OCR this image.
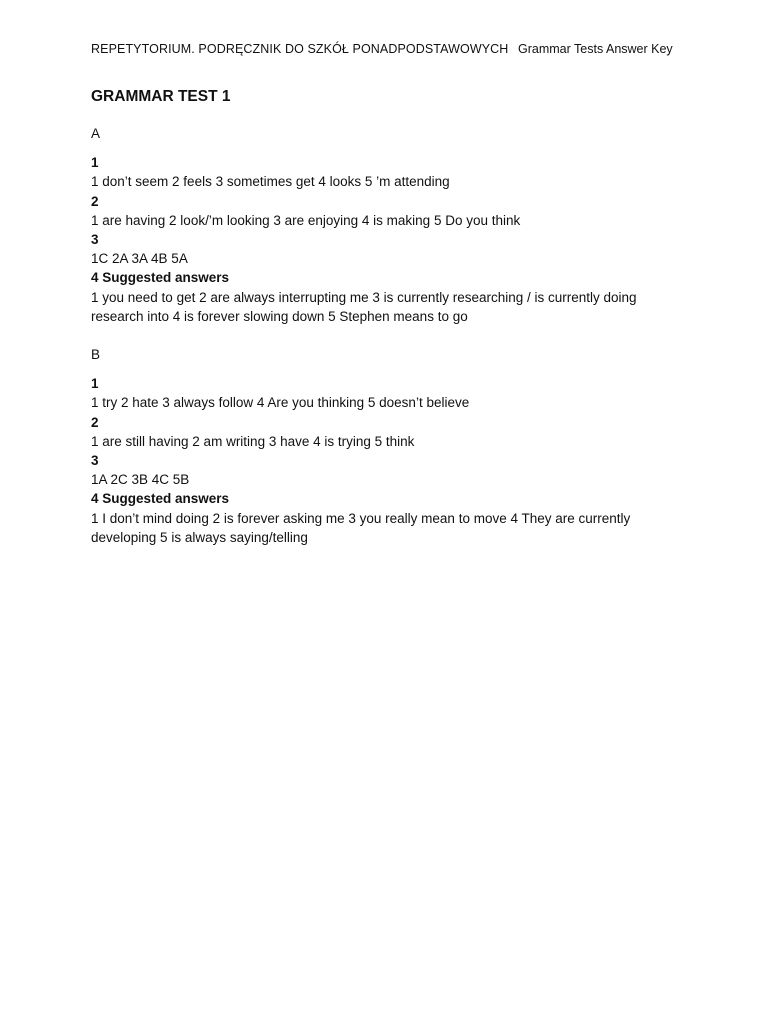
REPETYTORIUM. PODRĘCZNIK DO SZKÓŁ PONADPODSTAWOWYCH Grammar Tests Answer Key
GRAMMAR TEST 1
A
1
1 don’t seem 2 feels 3 sometimes get 4 looks 5 ’m attending
2
1 are having 2 look/’m looking 3 are enjoying 4 is making 5 Do you think
3
1C 2A 3A 4B 5A
4 Suggested answers
1 you need to get 2 are always interrupting me 3 is currently researching / is currently doing research into 4 is forever slowing down 5 Stephen means to go
B
1
1 try 2 hate 3 always follow 4 Are you thinking 5 doesn’t believe
2
1 are still having 2 am writing 3 have 4 is trying 5 think
3
1A 2C 3B 4C 5B
4 Suggested answers
1 I don’t mind doing 2 is forever asking me 3 you really mean to move 4 They are currently developing 5 is always saying/telling
